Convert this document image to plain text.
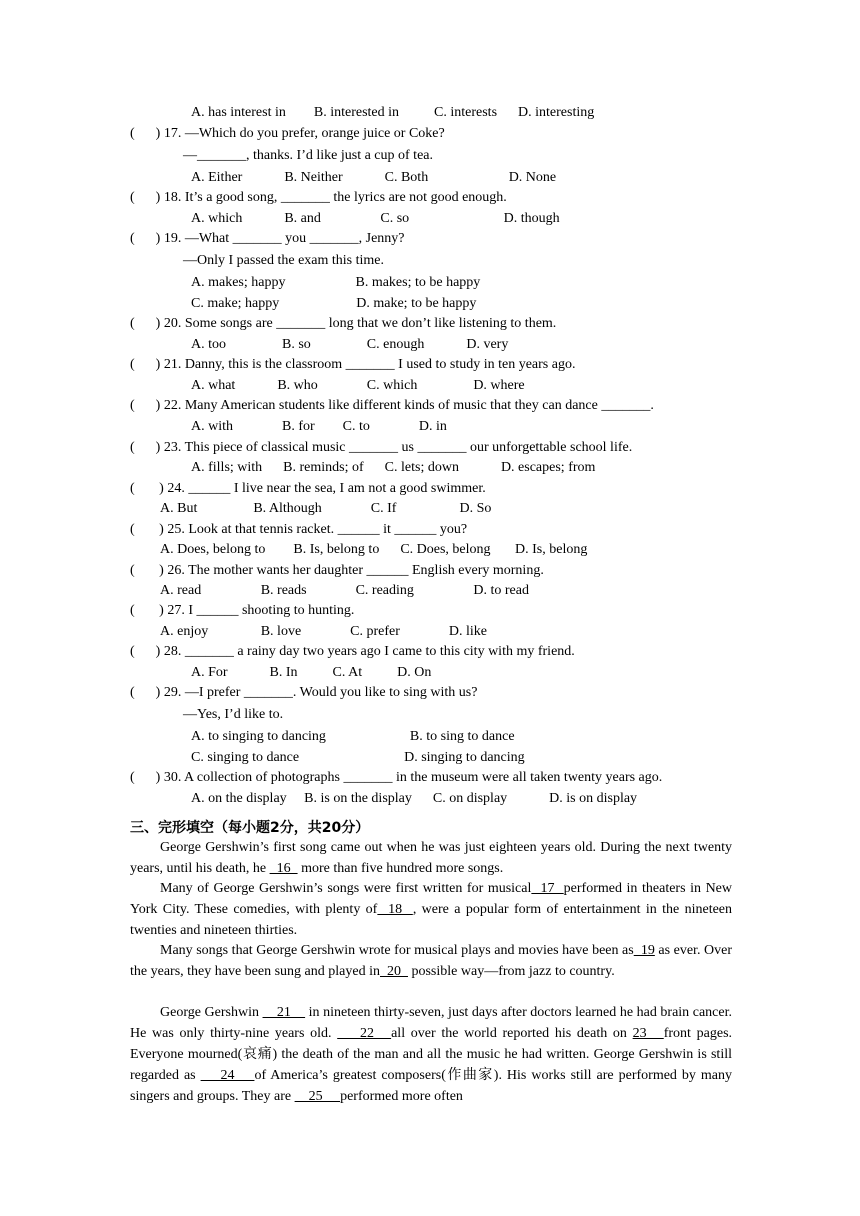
A. has interest in        B. interested in          C. interests      D. interesting
(      ) 17. —Which do you prefer, orange juice or Coke?
—_______, thanks. I’d like just a cup of tea.
A. Either            B. Neither            C. Both                       D. None
(      ) 18. It’s a good song, _______ the lyrics are not good enough.
A. which            B. and                 C. so                           D. though
(      ) 19. —What _______ you _______, Jenny?
—Only I passed the exam this time.
A. makes; happy                    B. makes; to be happy
C. make; happy                      D. make; to be happy
(      ) 20. Some songs are _______ long that we don’t like listening to them.
A. too                B. so                C. enough            D. very
(      ) 21. Danny, this is the classroom _______ I used to study in ten years ago.
A. what            B. who              C. which                D. where
(      ) 22. Many American students like different kinds of music that they can dance _______.
A. with              B. for        C. to              D. in
(      ) 23. This piece of classical music _______ us _______ our unforgettable school life.
A. fills; with      B. reminds; of      C. lets; down            D. escapes; from
(       ) 24. ______ I live near the sea, I am not a good swimmer.
A. But                B. Although              C. If                  D. So
(       ) 25. Look at that tennis racket. ______ it ______ you?
A. Does, belong to        B. Is, belong to      C. Does, belong       D. Is, belong
(       ) 26. The mother wants her daughter ______ English every morning.
A. read                 B. reads              C. reading                 D. to read
(       ) 27. I ______ shooting to hunting.
A. enjoy               B. love              C. prefer              D. like
(      ) 28. _______ a rainy day two years ago I came to this city with my friend.
A. For            B. In          C. At          D. On
(      ) 29. —I prefer _______. Would you like to sing with us?
—Yes, I’d like to.
A. to singing to dancing                        B. to sing to dance
C. singing to dance                              D. singing to dancing
(      ) 30. A collection of photographs _______ in the museum were all taken twenty years ago.
A. on the display     B. is on the display      C. on display            D. is on display
三、完形填空（每小题2分，共20分）
George Gershwin’s first song came out when he was just eighteen years old. During the next twenty years, until his death, he   16   more than five hundred more songs.
Many of George Gershwin’s songs were first written for musical  17  performed in theaters in New York City. These comedies, with plenty of  18  , were a popular form of entertainment in the nineteen twenties and nineteen thirties.
Many songs that George Gershwin wrote for musical plays and movies have been as  19 as ever. Over the years, they have been sung and played in  20   possible way—from jazz to country.
George Gershwin     21     in nineteen thirty-seven, just days after doctors learned he had brain cancer. He was only thirty-nine years old.     22   all over the world reported his death on 23   front pages. Everyone mourned(哀痛) the death of the man and all the music he had written. George Gershwin is still regarded as     24    of America’s greatest composers(作曲家). His works still are performed by many singers and groups. They are     25     performed more often
